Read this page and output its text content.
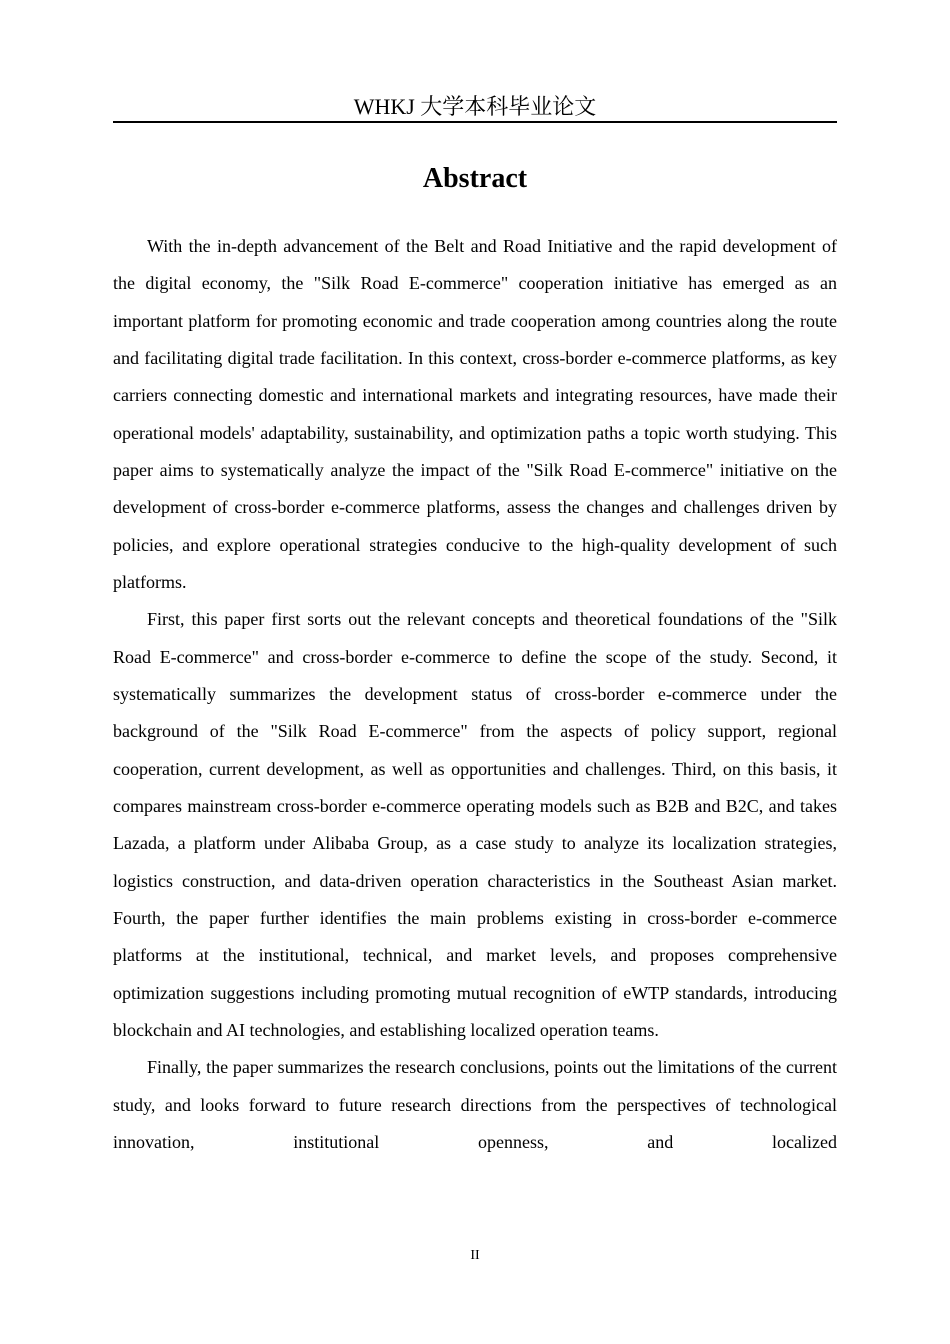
WHKJ 大学本科毕业论文
Abstract

With the in-depth advancement of the Belt and Road Initiative and the rapid development of the digital economy, the "Silk Road E-commerce" cooperation initiative has emerged as an important platform for promoting economic and trade cooperation among countries along the route and facilitating digital trade facilitation. In this context, cross-border e-commerce platforms, as key carriers connecting domestic and international markets and integrating resources, have made their operational models' adaptability, sustainability, and optimization paths a topic worth studying. This paper aims to systematically analyze the impact of the "Silk Road E-commerce" initiative on the development of cross-border e-commerce platforms, assess the changes and challenges driven by policies, and explore operational strategies conducive to the high-quality development of such platforms.

First, this paper first sorts out the relevant concepts and theoretical foundations of the "Silk Road E-commerce" and cross-border e-commerce to define the scope of the study. Second, it systematically summarizes the development status of cross-border e-commerce under the background of the "Silk Road E-commerce" from the aspects of policy support, regional cooperation, current development, as well as opportunities and challenges. Third, on this basis, it compares mainstream cross-border e-commerce operating models such as B2B and B2C, and takes Lazada, a platform under Alibaba Group, as a case study to analyze its localization strategies, logistics construction, and data-driven operation characteristics in the Southeast Asian market. Fourth, the paper further identifies the main problems existing in cross-border e-commerce platforms at the institutional, technical, and market levels, and proposes comprehensive optimization suggestions including promoting mutual recognition of eWTP standards, introducing blockchain and AI technologies, and establishing localized operation teams.

Finally, the paper summarizes the research conclusions, points out the limitations of the current study, and looks forward to future research directions from the perspectives of technological innovation, institutional openness, and localized

II
